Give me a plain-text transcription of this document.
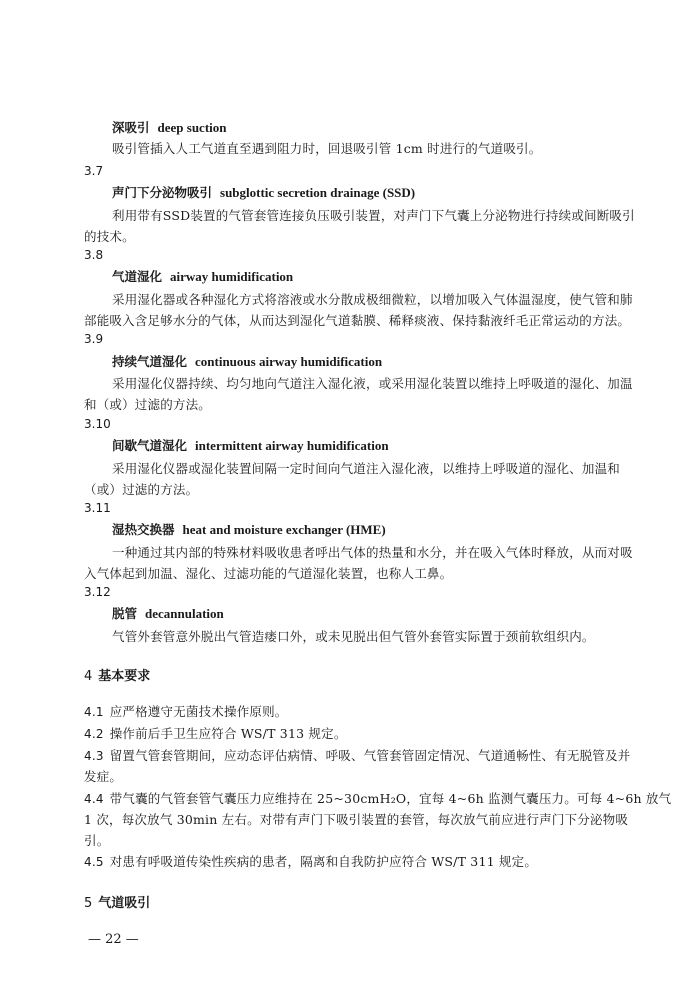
深吸引 deep suction
吸引管插入人工气道直至遇到阻力时，回退吸引管 1cm 时进行的气道吸引。
3.7
声门下分泌物吸引 subglottic secretion drainage (SSD)
利用带有SSD装置的气管套管连接负压吸引装置，对声门下气囊上分泌物进行持续或间断吸引
的技术。
3.8
气道湿化 airway humidification
采用湿化器或各种湿化方式将溶液或水分散成极细微粒，以增加吸入气体温湿度，使气管和肺
部能吸入含足够水分的气体，从而达到湿化气道黏膜、稀释痰液、保持黏液纤毛正常运动的方法。
3.9
持续气道湿化 continuous airway humidification
采用湿化仪器持续、均匀地向气道注入湿化液，或采用湿化装置以维持上呼吸道的湿化、加温
和（或）过滤的方法。
3.10
间歇气道湿化 intermittent airway humidification
采用湿化仪器或湿化装置间隔一定时间向气道注入湿化液，以维持上呼吸道的湿化、加温和
（或）过滤的方法。
3.11
湿热交换器 heat and moisture exchanger (HME)
一种通过其内部的特殊材料吸收患者呼出气体的热量和水分，并在吸入气体时释放，从而对吸
入气体起到加温、湿化、过滤功能的气道湿化装置，也称人工鼻。
3.12
脱管 decannulation
气管外套管意外脱出气管造瘘口外，或未见脱出但气管外套管实际置于颈前软组织内。
4 基本要求
4.1 应严格遵守无菌技术操作原则。
4.2 操作前后手卫生应符合 WS/T 313 规定。
4.3 留置气管套管期间，应动态评估病情、呼吸、气管套管固定情况、气道通畅性、有无脱管及并
发症。
4.4 带气囊的气管套管气囊压力应维持在 25~30cmH₂O，宜每 4~6h 监测气囊压力。可每 4~6h 放气
1 次，每次放气 30min 左右。对带有声门下吸引装置的套管，每次放气前应进行声门下分泌物吸
引。
4.5 对患有呼吸道传染性疾病的患者，隔离和自我防护应符合 WS/T 311 规定。
5 气道吸引
— 22 —
